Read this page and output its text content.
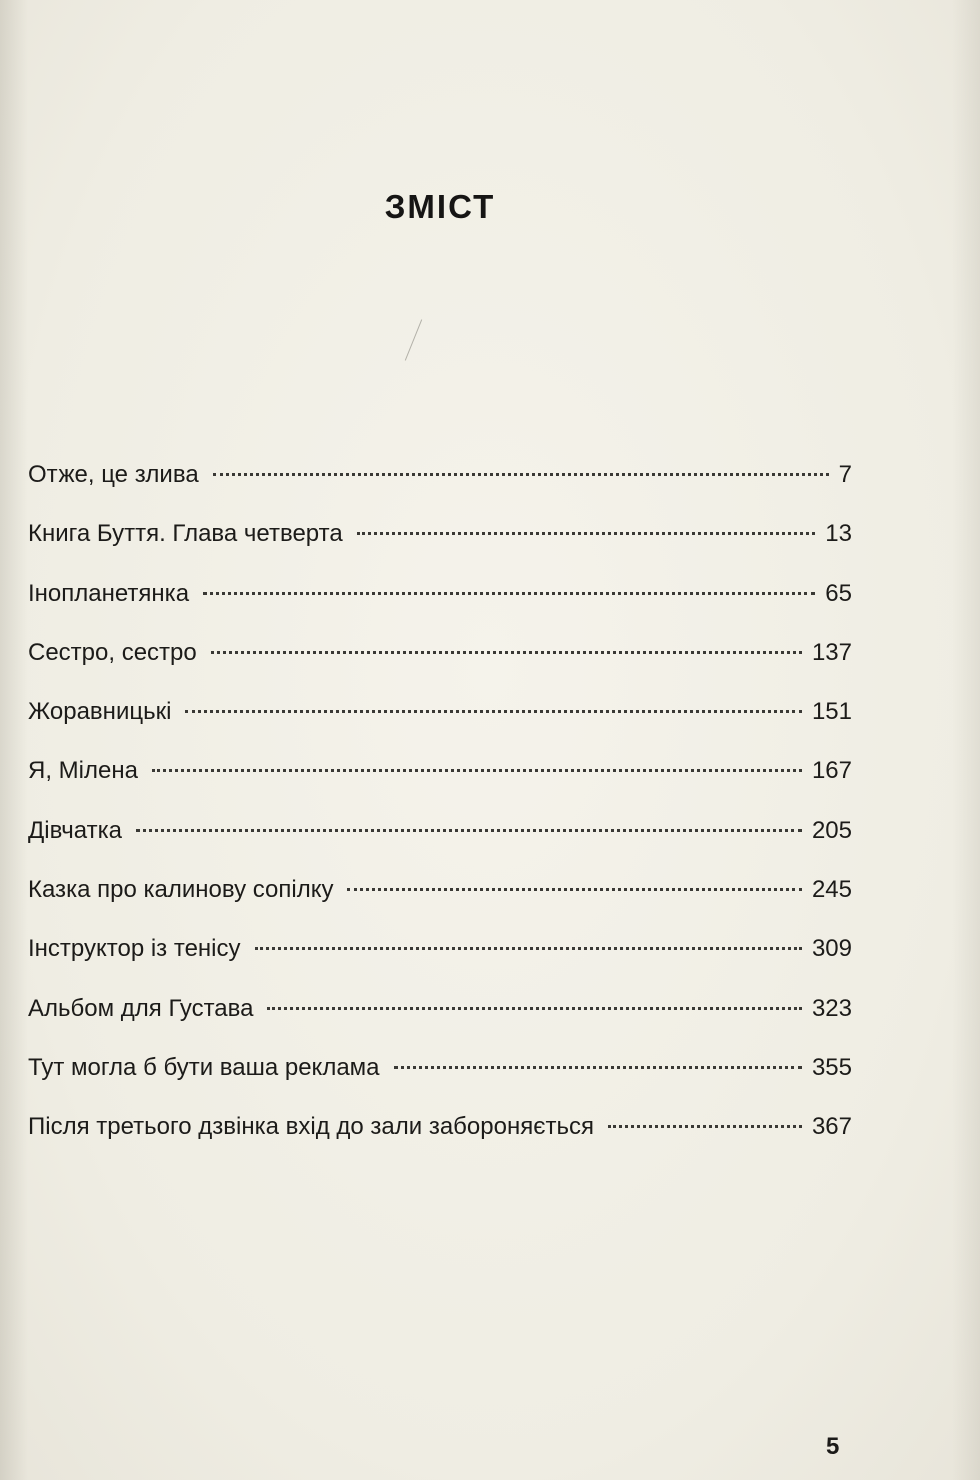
ЗМІСТ
Отже, це злива	7
Книга Буття. Глава четверта	13
Інопланетянка	65
Сестро, сестро	137
Жоравницькі	151
Я, Мілена	167
Дівчатка	205
Казка про калинову сопілку	245
Інструктор із тенісу	309
Альбом для Густава	323
Тут могла б бути ваша реклама	355
Після третього дзвінка вхід до зали забороняється	367
5
